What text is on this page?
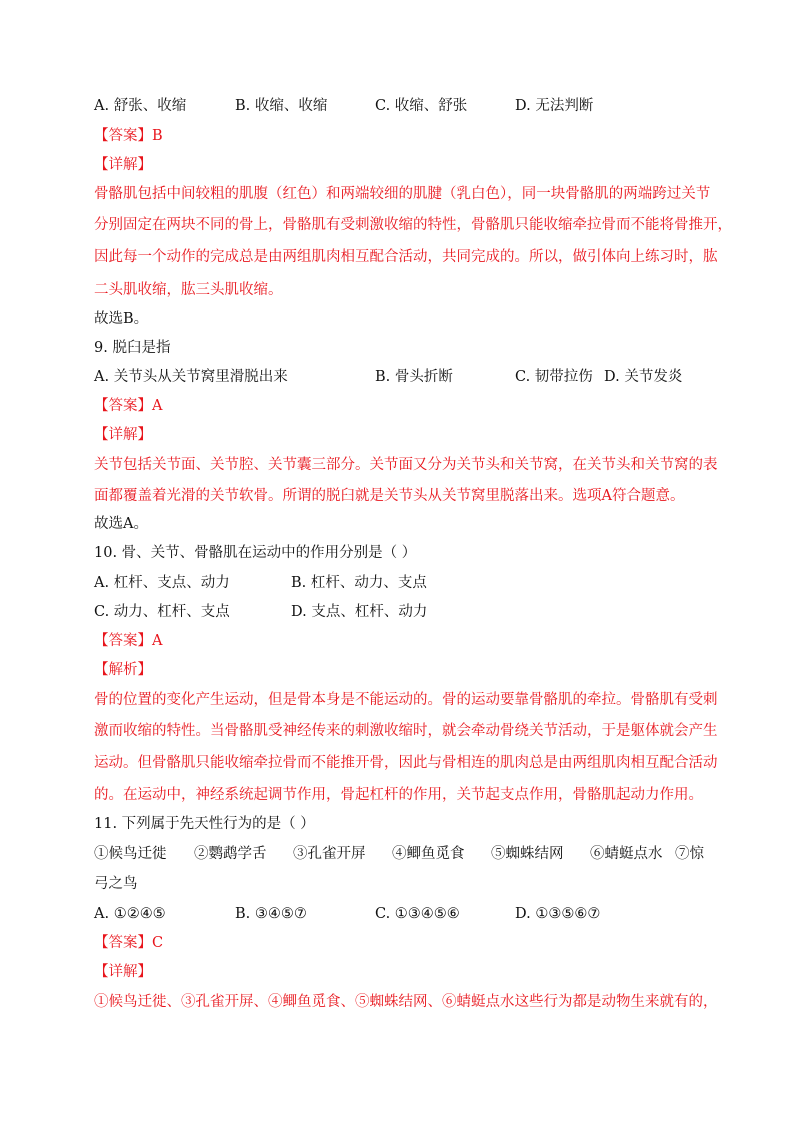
A. 舒张、收缩	B. 收缩、收缩	C. 收缩、舒张	D. 无法判断
【答案】B
【详解】
骨骼肌包括中间较粗的肌腹（红色）和两端较细的肌腱（乳白色），同一块骨骼肌的两端跨过关节
分别固定在两块不同的骨上，骨骼肌有受刺激收缩的特性，骨骼肌只能收缩牵拉骨而不能将骨推开，
因此每一个动作的完成总是由两组肌肉相互配合活动，共同完成的。所以，做引体向上练习时，肱
二头肌收缩，肱三头肌收缩。
故选B。
9. 脱臼是指
A. 关节头从关节窝里滑脱出来	B. 骨头折断	C. 韧带拉伤 D. 关节发炎
【答案】A
【详解】
关节包括关节面、关节腔、关节囊三部分。关节面又分为关节头和关节窝，在关节头和关节窝的表
面都覆盖着光滑的关节软骨。所谓的脱臼就是关节头从关节窝里脱落出来。选项A符合题意。
故选A。
10. 骨、关节、骨骼肌在运动中的作用分别是（ ）
A. 杠杆、支点、动力	B. 杠杆、动力、支点
C. 动力、杠杆、支点	D. 支点、杠杆、动力
【答案】A
【解析】
骨的位置的变化产生运动，但是骨本身是不能运动的。骨的运动要靠骨骼肌的牵拉。骨骼肌有受刺
激而收缩的特性。当骨骼肌受神经传来的刺激收缩时，就会牵动骨绕关节活动，于是躯体就会产生
运动。但骨骼肌只能收缩牵拉骨而不能推开骨，因此与骨相连的肌肉总是由两组肌肉相互配合活动
的。在运动中，神经系统起调节作用，骨起杠杆的作用，关节起支点作用，骨骼肌起动力作用。
11. 下列属于先天性行为的是（ ）
①候鸟迁徙 ②鹦鹉学舌 ③孔雀开屏 ④鲫鱼觅食 ⑤蜘蛛结网 ⑥蜻蜓点水 ⑦惊
弓之鸟
A. ①②④⑤	B. ③④⑤⑦	C. ①③④⑤⑥	D. ①③⑤⑥⑦
【答案】C
【详解】
①候鸟迁徙、③孔雀开屏、④鲫鱼觅食、⑤蜘蛛结网、⑥蜻蜓点水这些行为都是动物生来就有的，
